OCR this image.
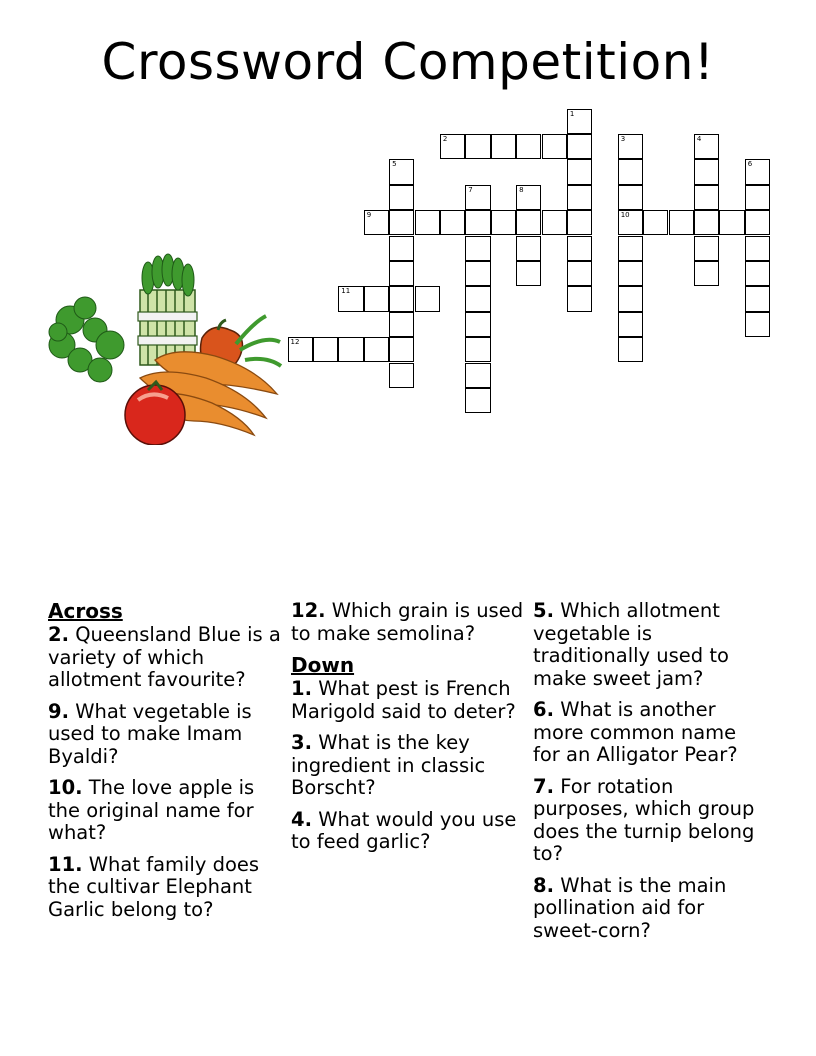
Crossword Competition!
2
9	10
11
12
1
3	4
5	6
7	8
Across
2. Queensland Blue is a variety of which allotment favourite?
9. What vegetable is used to make Imam Byaldi?
10. The love apple is the original name for what?
11. What family does the cultivar Elephant Garlic belong to?
12. Which grain is used to make semolina?
Down
1. What pest is French Marigold said to deter?
3. What is the key ingredient in classic Borscht?
4. What would you use to feed garlic?
5. Which allotment vegetable is traditionally used to make sweet jam?
6. What is another more common name for an Alligator Pear?
7. For rotation purposes, which group does the turnip belong to?
8. What is the main pollination aid for sweet-corn?
